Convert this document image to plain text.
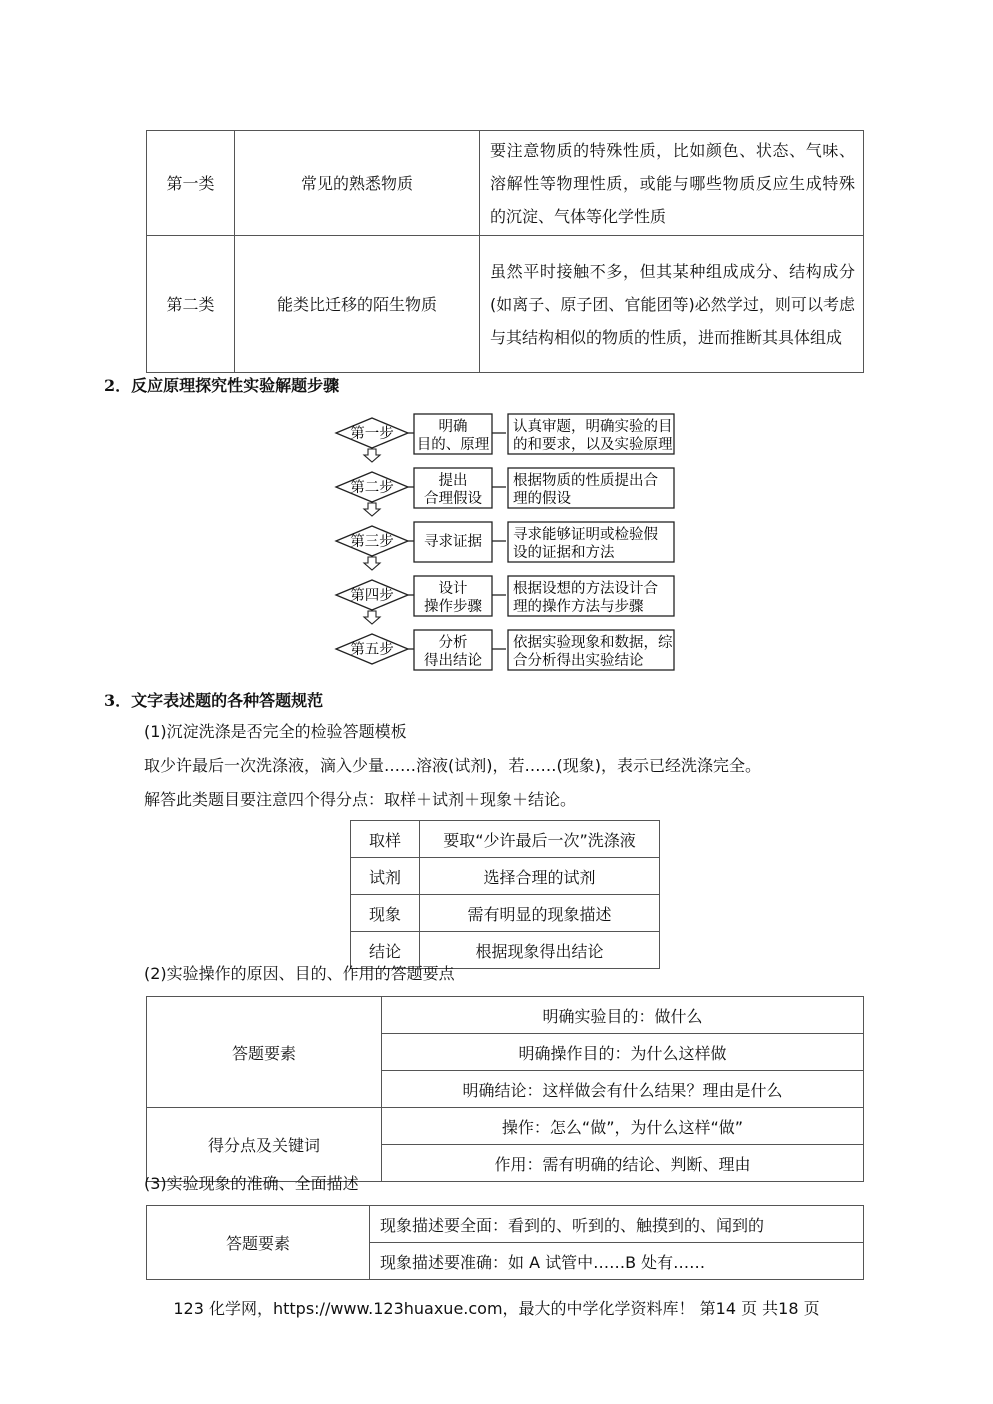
第一类	常见的熟悉物质	要注意物质的特殊性质，比如颜色、状态、气味、溶解性等物理性质，或能与哪些物质反应生成特殊的沉淀、气体等化学性质
第二类	能类比迁移的陌生物质	虽然平时接触不多，但其某种组成成分、结构成分(如离子、原子团、官能团等)必然学过，则可以考虑与其结构相似的物质的性质，进而推断其具体组成
2．反应原理探究性实验解题步骤
第一步	明确
目的、原理
认真审题，明确实验的目
的和要求，以及实验原理
第二步	提出
合理假设
根据物质的性质提出合
理的假设
第三步 寻求证据 寻求能够证明或检验假
设的证据和方法
第四步	设计
操作步骤
根据设想的方法设计合
理的操作方法与步骤
第五步	分析
得出结论
依据实验现象和数据，综
合分析得出实验结论
3．文字表述题的各种答题规范
(1)沉淀洗涤是否完全的检验答题模板
取少许最后一次洗涤液，滴入少量……溶液(试剂)，若……(现象)，表示已经洗涤完全。
解答此类题目要注意四个得分点：取样＋试剂＋现象＋结论。
取样	要取“少许最后一次”洗涤液
试剂	选择合理的试剂
现象	需有明显的现象描述
结论	根据现象得出结论
(2)实验操作的原因、目的、作用的答题要点
答题要素	明确实验目的：做什么
	明确操作目的：为什么这样做
	明确结论：这样做会有什么结果？理由是什么
得分点及关键词	操作：怎么“做”，为什么这样“做”
	作用：需有明确的结论、判断、理由
(3)实验现象的准确、全面描述
答题要素	现象描述要全面：看到的、听到的、触摸到的、闻到的
现象描述要准确：如 A 试管中……B 处有……
123 化学网，https://www.123huaxue.com，最大的中学化学资料库！ 第14 页 共18 页
